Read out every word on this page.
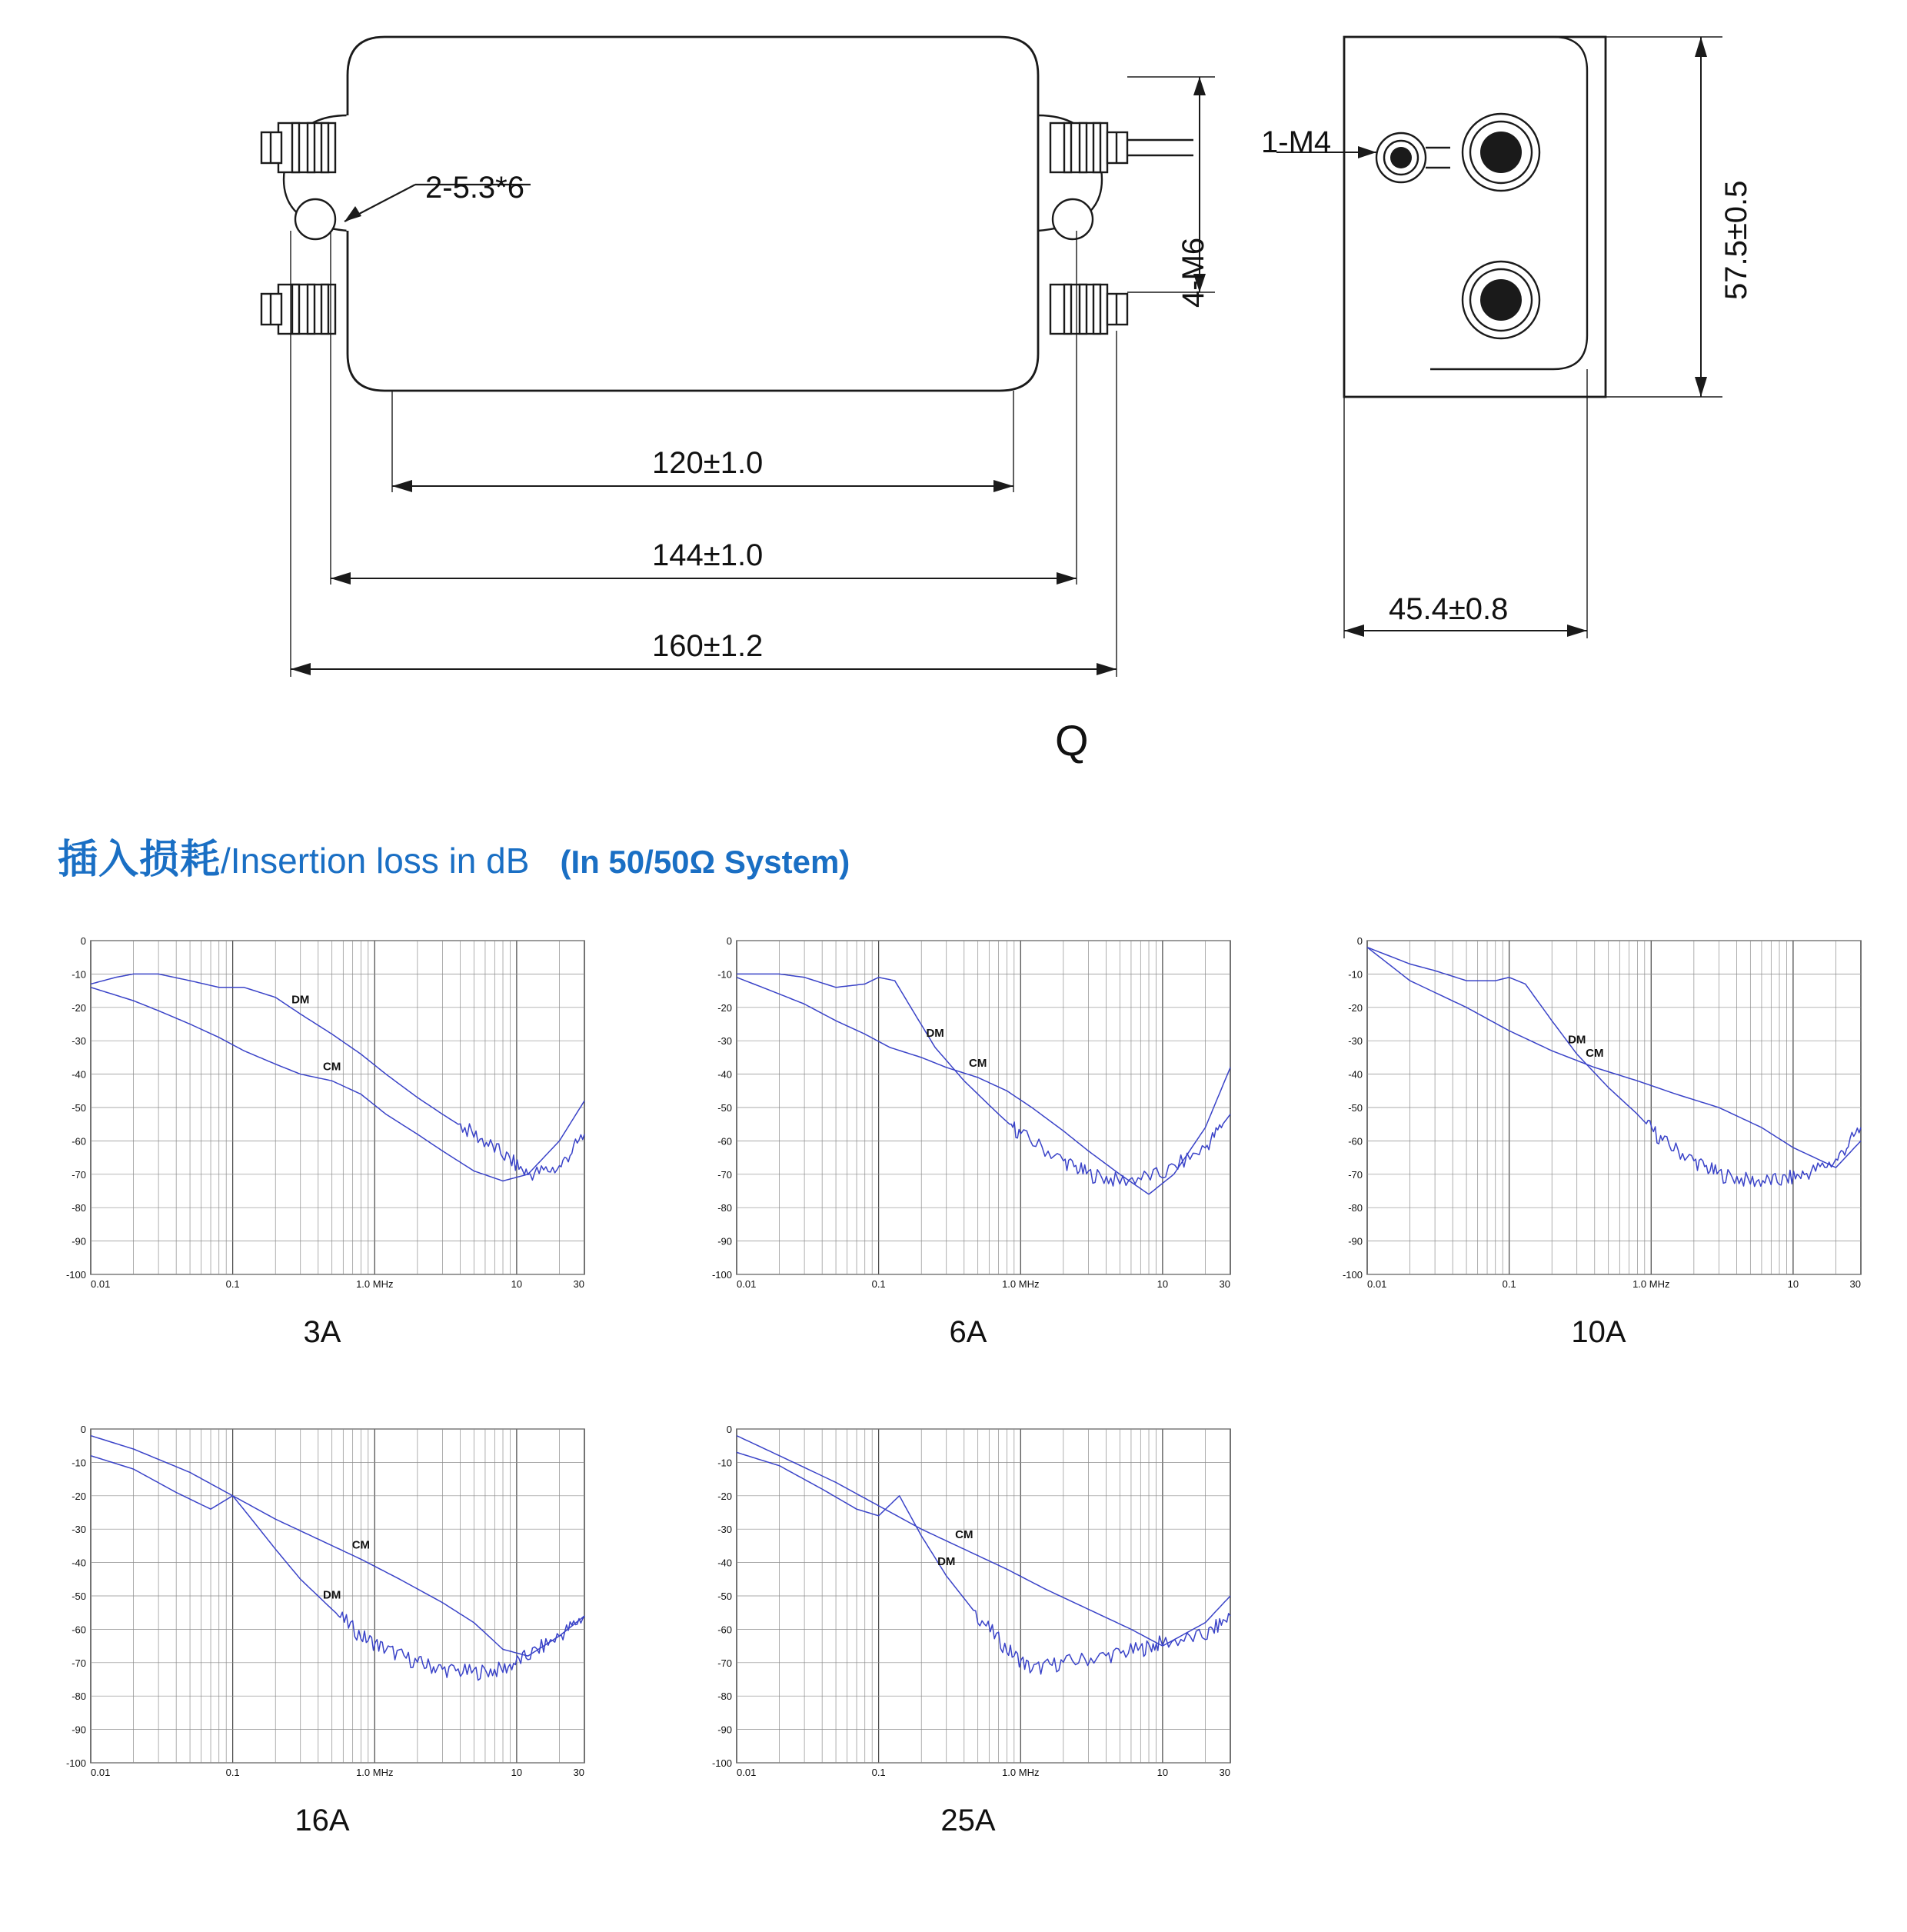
2-5.3*6
4-M6
1-M4
120±1.0
144±1.0
160±1.2
57.5±0.5
45.4±0.8
Q
插入损耗/Insertion loss in dB (In 50/50Ω System)
0
-10
-20
-30
-40
-50
-60
-70
-80
-90
-100
0.01	0.1	1.0 MHz	10	30
DM
CM
3A
0
-10
-20
-30
-40
-50
-60
-70
-80
-90
-100
0.01	0.1	1.0 MHz	10	30
DM
CM
6A
0
-10
-20
-30
-40
-50
-60
-70
-80
-90
-100
0.01	0.1	1.0 MHz	10	30
DM
CM
10A
0
-10
-20
-30
-40
-50
-60
-70
-80
-90
-100
0.01	0.1	1.0 MHz	10	30
DM
CM
16A
0
-10
-20
-30
-40
-50
-60
-70
-80
-90
-100
0.01	0.1	1.0 MHz	10	30
DM
CM
25A
